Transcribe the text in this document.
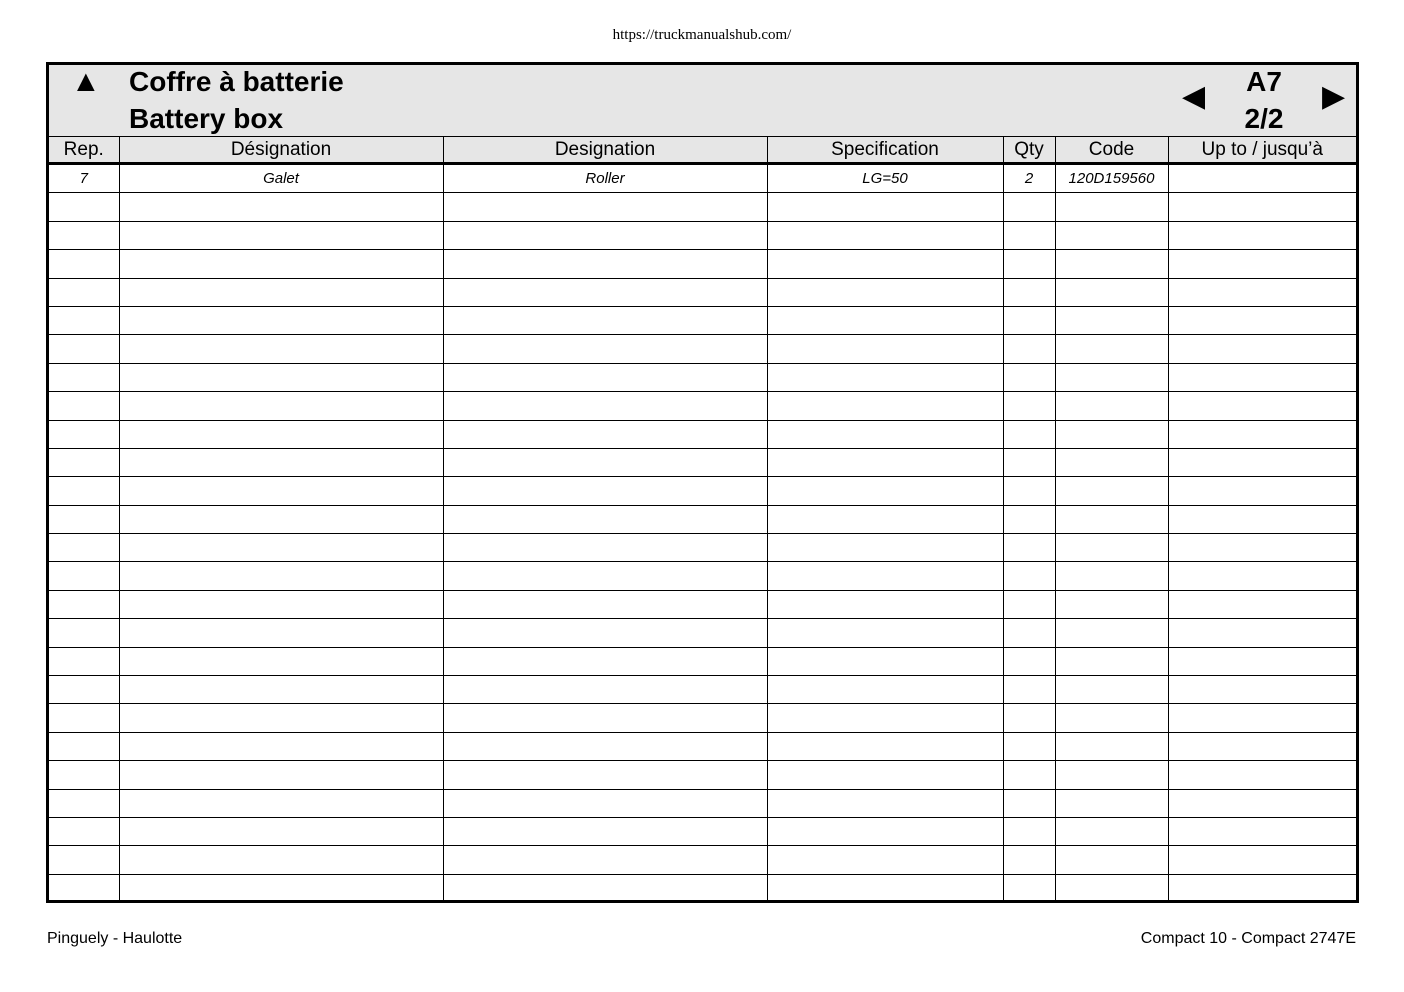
https://truckmanualshub.com/
▲ Coffre à batterie
Battery box
◀	A7
2/2
▶
Rep.	Désignation	Designation	Specification	Qty	Code	Up to / jusqu’à
7	Galet	Roller	LG=50	2	120D159560	

Pinguely - Haulotte	Compact 10 - Compact 2747E
